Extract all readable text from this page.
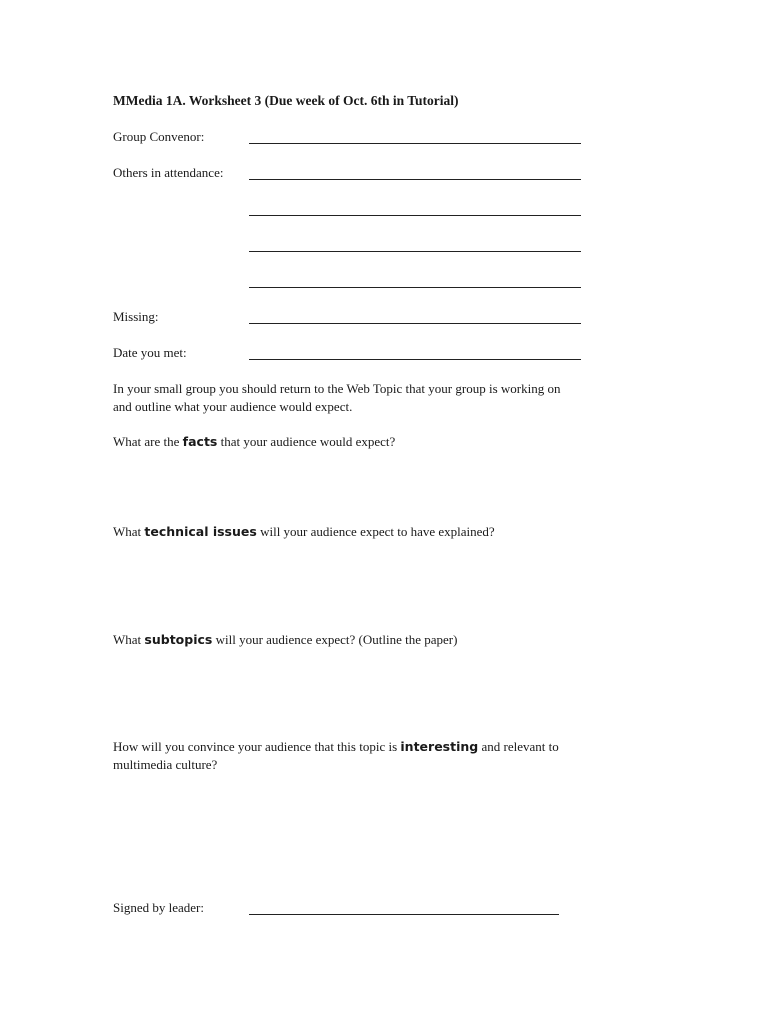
MMedia 1A. Worksheet 3 (Due week of Oct. 6th in Tutorial)
Group Convenor:
Others in attendance:
Missing:
Date you met:
In your small group you should return to the Web Topic that your group is working on
and outline what your audience would expect.
What are the facts that your audience would expect?
What technical issues will your audience expect to have explained?
What subtopics will your audience expect? (Outline the paper)
How will you convince your audience that this topic is interesting and relevant to
multimedia culture?
Signed by leader:
